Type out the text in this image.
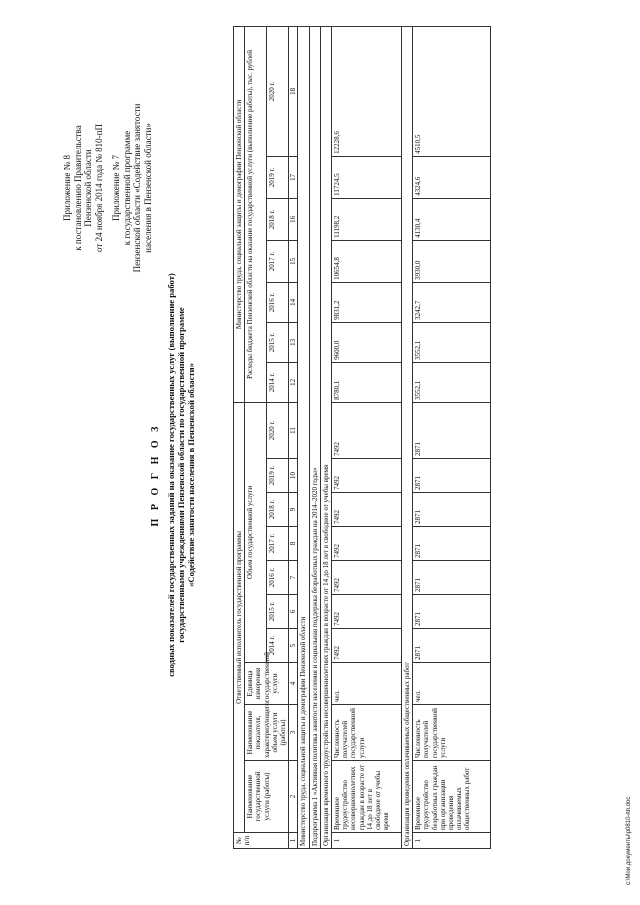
Приложение № 8 к постановлению Правительства Пензенской области от 24 ноября 2014 года № 810-пП Приложение № 7 к государственной программе Пензенской области «Содействие занятости населения в Пензенской области»
П Р О Г Н О З сводных показателей государственных заданий на оказание государственных услуг (выполнение работ) государственными учреждениями Пензенской области по государственной программе «Содействие занятости населения в Пензенской области»
№ п/п	Ответственный исполнитель государственной программы										Министерство труда, социальной защиты и демографии Пензенской области						
	Наименование государственной услуги (работы)	Наименование показателя, характеризующего объем услуги (работы)	Единица измерения государственной услуги	Объем государственной услуги							Расходы бюджета Пензенской области на оказание государственной услуги (выполнение работы), тыс. рублей						
				2014 г.	2015 г.	2016 г.	2017 г.	2018 г.	2019 г.	2020 г.	2014 г.	2015 г.	2016 г.	2017 г.	2018 г.	2019 г.	2020 г.
1	2	3	4	5	6	7	8	9	10	11	12	13	14	15	16	17	18
Министерство труда, социальной защиты и демографии Пензенской области																	
Подпрограмма 1 «Активная политика занятости населения и социальная поддержка безработных граждан на 2014–2020 годы»																	
Организация временного трудоустройства несовершеннолетних граждан в возрасте от 14 до 18 лет в свободное от учебы время																	
1	Временное трудоустройство несовершеннолетних граждан в возрасте от 14 до 18 лет в свободное от учебы время	Численность получателей государственной услуги	чел.	7492	7492	7492	7492	7492	7492	7492	8780,1	9600,0	9831,2	10654,8	11198,2	11724,5	12228,6
Организация проведения оплачиваемых общественных работ																	
1	Временное трудоустройство безработных граждан при организации проведения оплачиваемых общественных работ	Численность получателей государственной услуги	чел.	2871	2871	2871	2871	2871	2871	2871	3552,1	3552,1	3242,7	3930,0	4130,4	4324,6	4510,5
c:\Мои документы\р0810-пп.doc
